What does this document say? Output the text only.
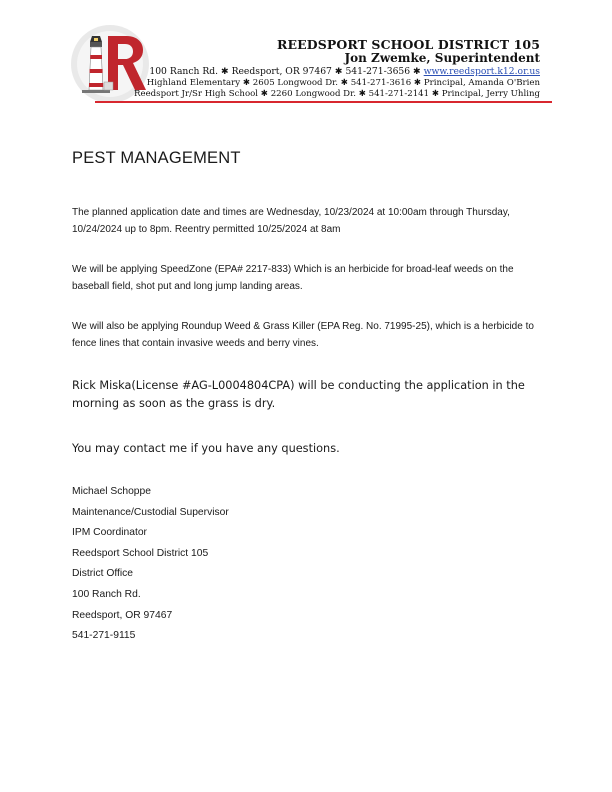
REEDSPORT SCHOOL DISTRICT 105
Jon Zwemke, Superintendent
100 Ranch Rd. ✱ Reedsport, OR 97467 ✱ 541-271-3656 ✱ www.reedsport.k12.or.us
Highland Elementary ✱ 2605 Longwood Dr. ✱ 541-271-3616 ✱ Principal, Amanda O'Brien
Reedsport Jr/Sr High School ✱ 2260 Longwood Dr. ✱ 541-271-2141 ✱ Principal, Jerry Uhling
PEST MANAGEMENT
The planned application date and times are Wednesday, 10/23/2024 at 10:00am through Thursday, 10/24/2024 up to 8pm. Reentry permitted 10/25/2024 at 8am
We will be applying SpeedZone (EPA# 2217-833) Which is an herbicide for broad-leaf weeds on the baseball field, shot put and long jump landing areas.
We will also be applying Roundup Weed & Grass Killer (EPA Reg. No. 71995-25), which is a herbicide to fence lines that contain invasive weeds and berry vines.
Rick Miska(License #AG-L0004804CPA) will be conducting the application in the morning as soon as the grass is dry.
You may contact me if you have any questions.
Michael Schoppe
Maintenance/Custodial Supervisor
IPM Coordinator
Reedsport School District 105
District Office
100 Ranch Rd.
Reedsport, OR 97467
541-271-9115
